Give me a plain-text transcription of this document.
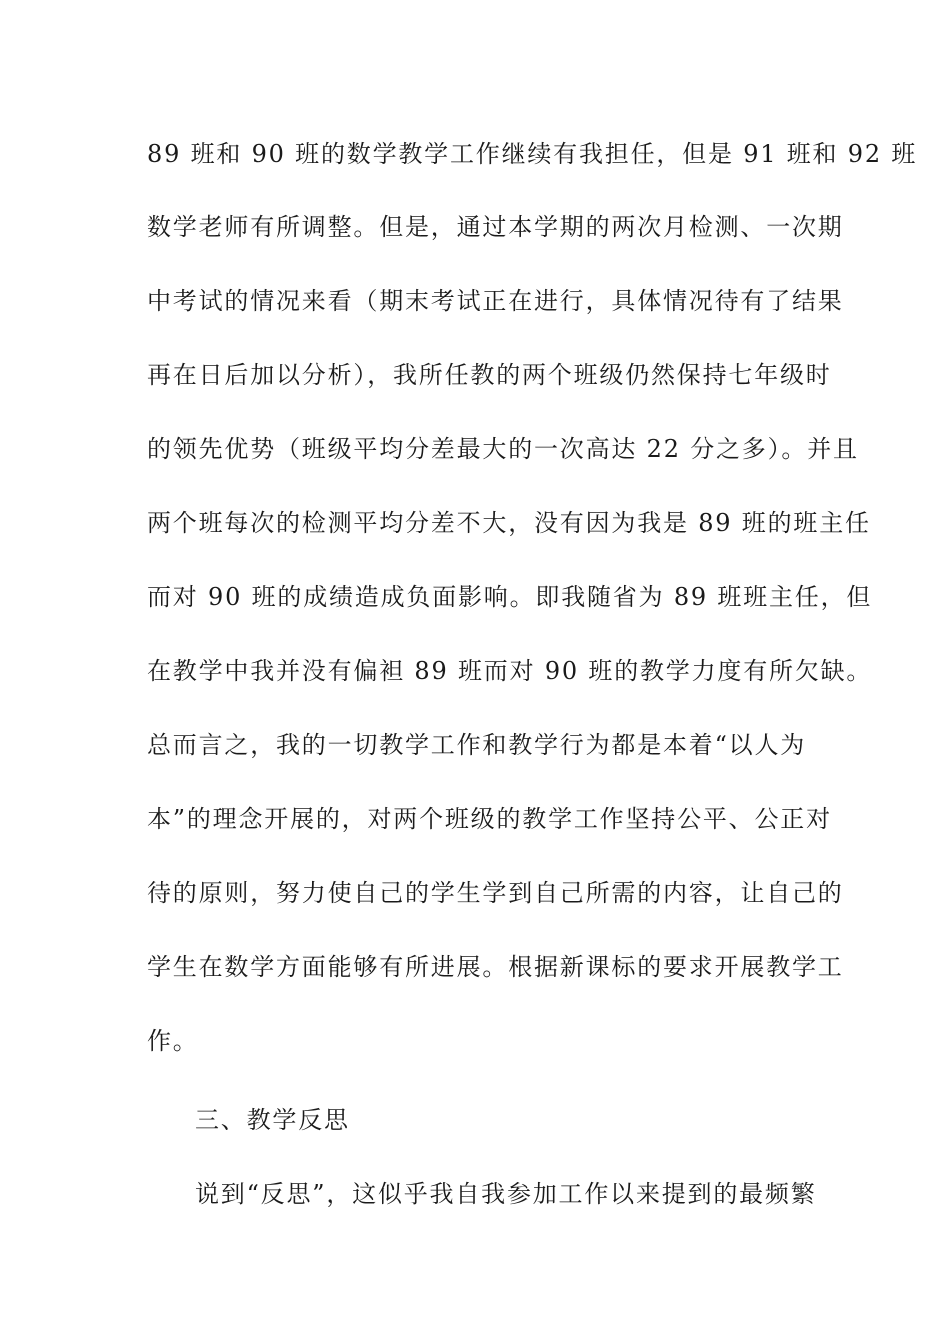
89 班和 90 班的数学教学工作继续有我担任，但是 91 班和 92 班
数学老师有所调整。但是，通过本学期的两次月检测、一次期
中考试的情况来看（期末考试正在进行，具体情况待有了结果
再在日后加以分析），我所任教的两个班级仍然保持七年级时
的领先优势（班级平均分差最大的一次高达 22 分之多）。并且
两个班每次的检测平均分差不大，没有因为我是 89 班的班主任
而对 90 班的成绩造成负面影响。即我随省为 89 班班主任，但
在教学中我并没有偏袒 89 班而对 90 班的教学力度有所欠缺。
总而言之，我的一切教学工作和教学行为都是本着“以人为
本”的理念开展的，对两个班级的教学工作坚持公平、公正对
待的原则，努力使自己的学生学到自己所需的内容，让自己的
学生在数学方面能够有所进展。根据新课标的要求开展教学工
作。
三、教学反思
说到“反思”，这似乎我自我参加工作以来提到的最频繁
